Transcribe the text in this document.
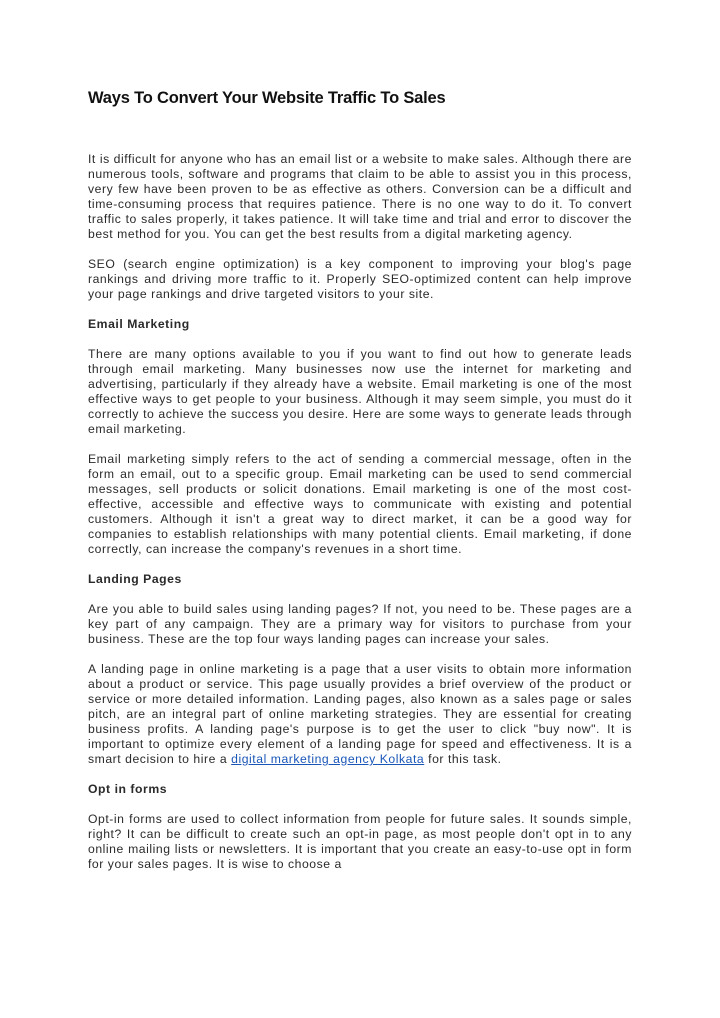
Ways To Convert Your Website Traffic To Sales

It is difficult for anyone who has an email list or a website to make sales. Although there are numerous tools, software and programs that claim to be able to assist you in this process, very few have been proven to be as effective as others. Conversion can be a difficult and time-consuming process that requires patience. There is no one way to do it. To convert traffic to sales properly, it takes patience. It will take time and trial and error to discover the best method for you. You can get the best results from a digital marketing agency.

SEO (search engine optimization) is a key component to improving your blog's page rankings and driving more traffic to it. Properly SEO-optimized content can help improve your page rankings and drive targeted visitors to your site.

Email Marketing

There are many options available to you if you want to find out how to generate leads through email marketing. Many businesses now use the internet for marketing and advertising, particularly if they already have a website. Email marketing is one of the most effective ways to get people to your business. Although it may seem simple, you must do it correctly to achieve the success you desire. Here are some ways to generate leads through email marketing.

Email marketing simply refers to the act of sending a commercial message, often in the form an email, out to a specific group. Email marketing can be used to send commercial messages, sell products or solicit donations. Email marketing is one of the most cost-effective, accessible and effective ways to communicate with existing and potential customers. Although it isn't a great way to direct market, it can be a good way for companies to establish relationships with many potential clients. Email marketing, if done correctly, can increase the company's revenues in a short time.

Landing Pages

Are you able to build sales using landing pages? If not, you need to be. These pages are a key part of any campaign. They are a primary way for visitors to purchase from your business. These are the top four ways landing pages can increase your sales.

A landing page in online marketing is a page that a user visits to obtain more information about a product or service. This page usually provides a brief overview of the product or service or more detailed information. Landing pages, also known as a sales page or sales pitch, are an integral part of online marketing strategies. They are essential for creating business profits. A landing page's purpose is to get the user to click "buy now". It is important to optimize every element of a landing page for speed and effectiveness. It is a smart decision to hire a digital marketing agency Kolkata for this task.

Opt in forms

Opt-in forms are used to collect information from people for future sales. It sounds simple, right? It can be difficult to create such an opt-in page, as most people don't opt in to any online mailing lists or newsletters. It is important that you create an easy-to-use opt in form for your sales pages. It is wise to choose a
